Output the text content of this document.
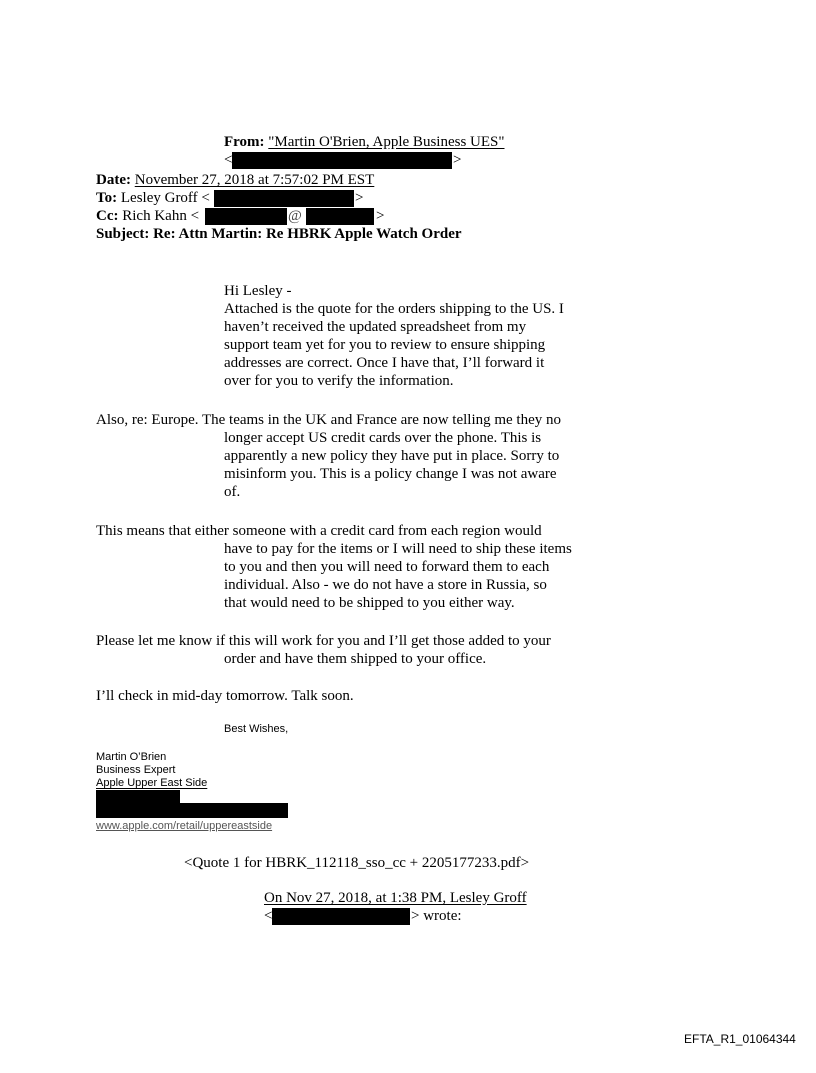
From: "Martin O'Brien, Apple Business UES"
<	>
Date: November 27, 2018 at 7:57:02 PM EST
To: Lesley Groff <	>
Cc: Rich Kahn <	@	>
Subject: Re: Attn Martin: Re HBRK Apple Watch Order
Hi Lesley -

Attached is the quote for the orders shipping to the US. I

haven’t received the updated spreadsheet from my

support team yet for you to review to ensure shipping

addresses are correct. Once I have that, I’ll forward it

over for you to verify the information.

Also, re: Europe. The teams in the UK and France are now telling me they no

longer accept US credit cards over the phone. This is

apparently a new policy they have put in place. Sorry to

misinform you. This is a policy change I was not aware

of.

This means that either someone with a credit card from each region would

have to pay for the items or I will need to ship these items

to you and then you will need to forward them to each

individual. Also - we do not have a store in Russia, so

that would need to be shipped to you either way.

Please let me know if this will work for you and I’ll get those added to your

order and have them shipped to your office.

I’ll check in mid-day tomorrow. Talk soon.
Best Wishes,
Martin O’Brien
Business Expert
Apple Upper East Side
www.apple.com/retail/uppereastside
<Quote 1 for HBRK_112118_sso_cc + 2205177233.pdf>
On Nov 27, 2018, at 1:38 PM, Lesley Groff
<	> wrote:
EFTA_R1_01064344
